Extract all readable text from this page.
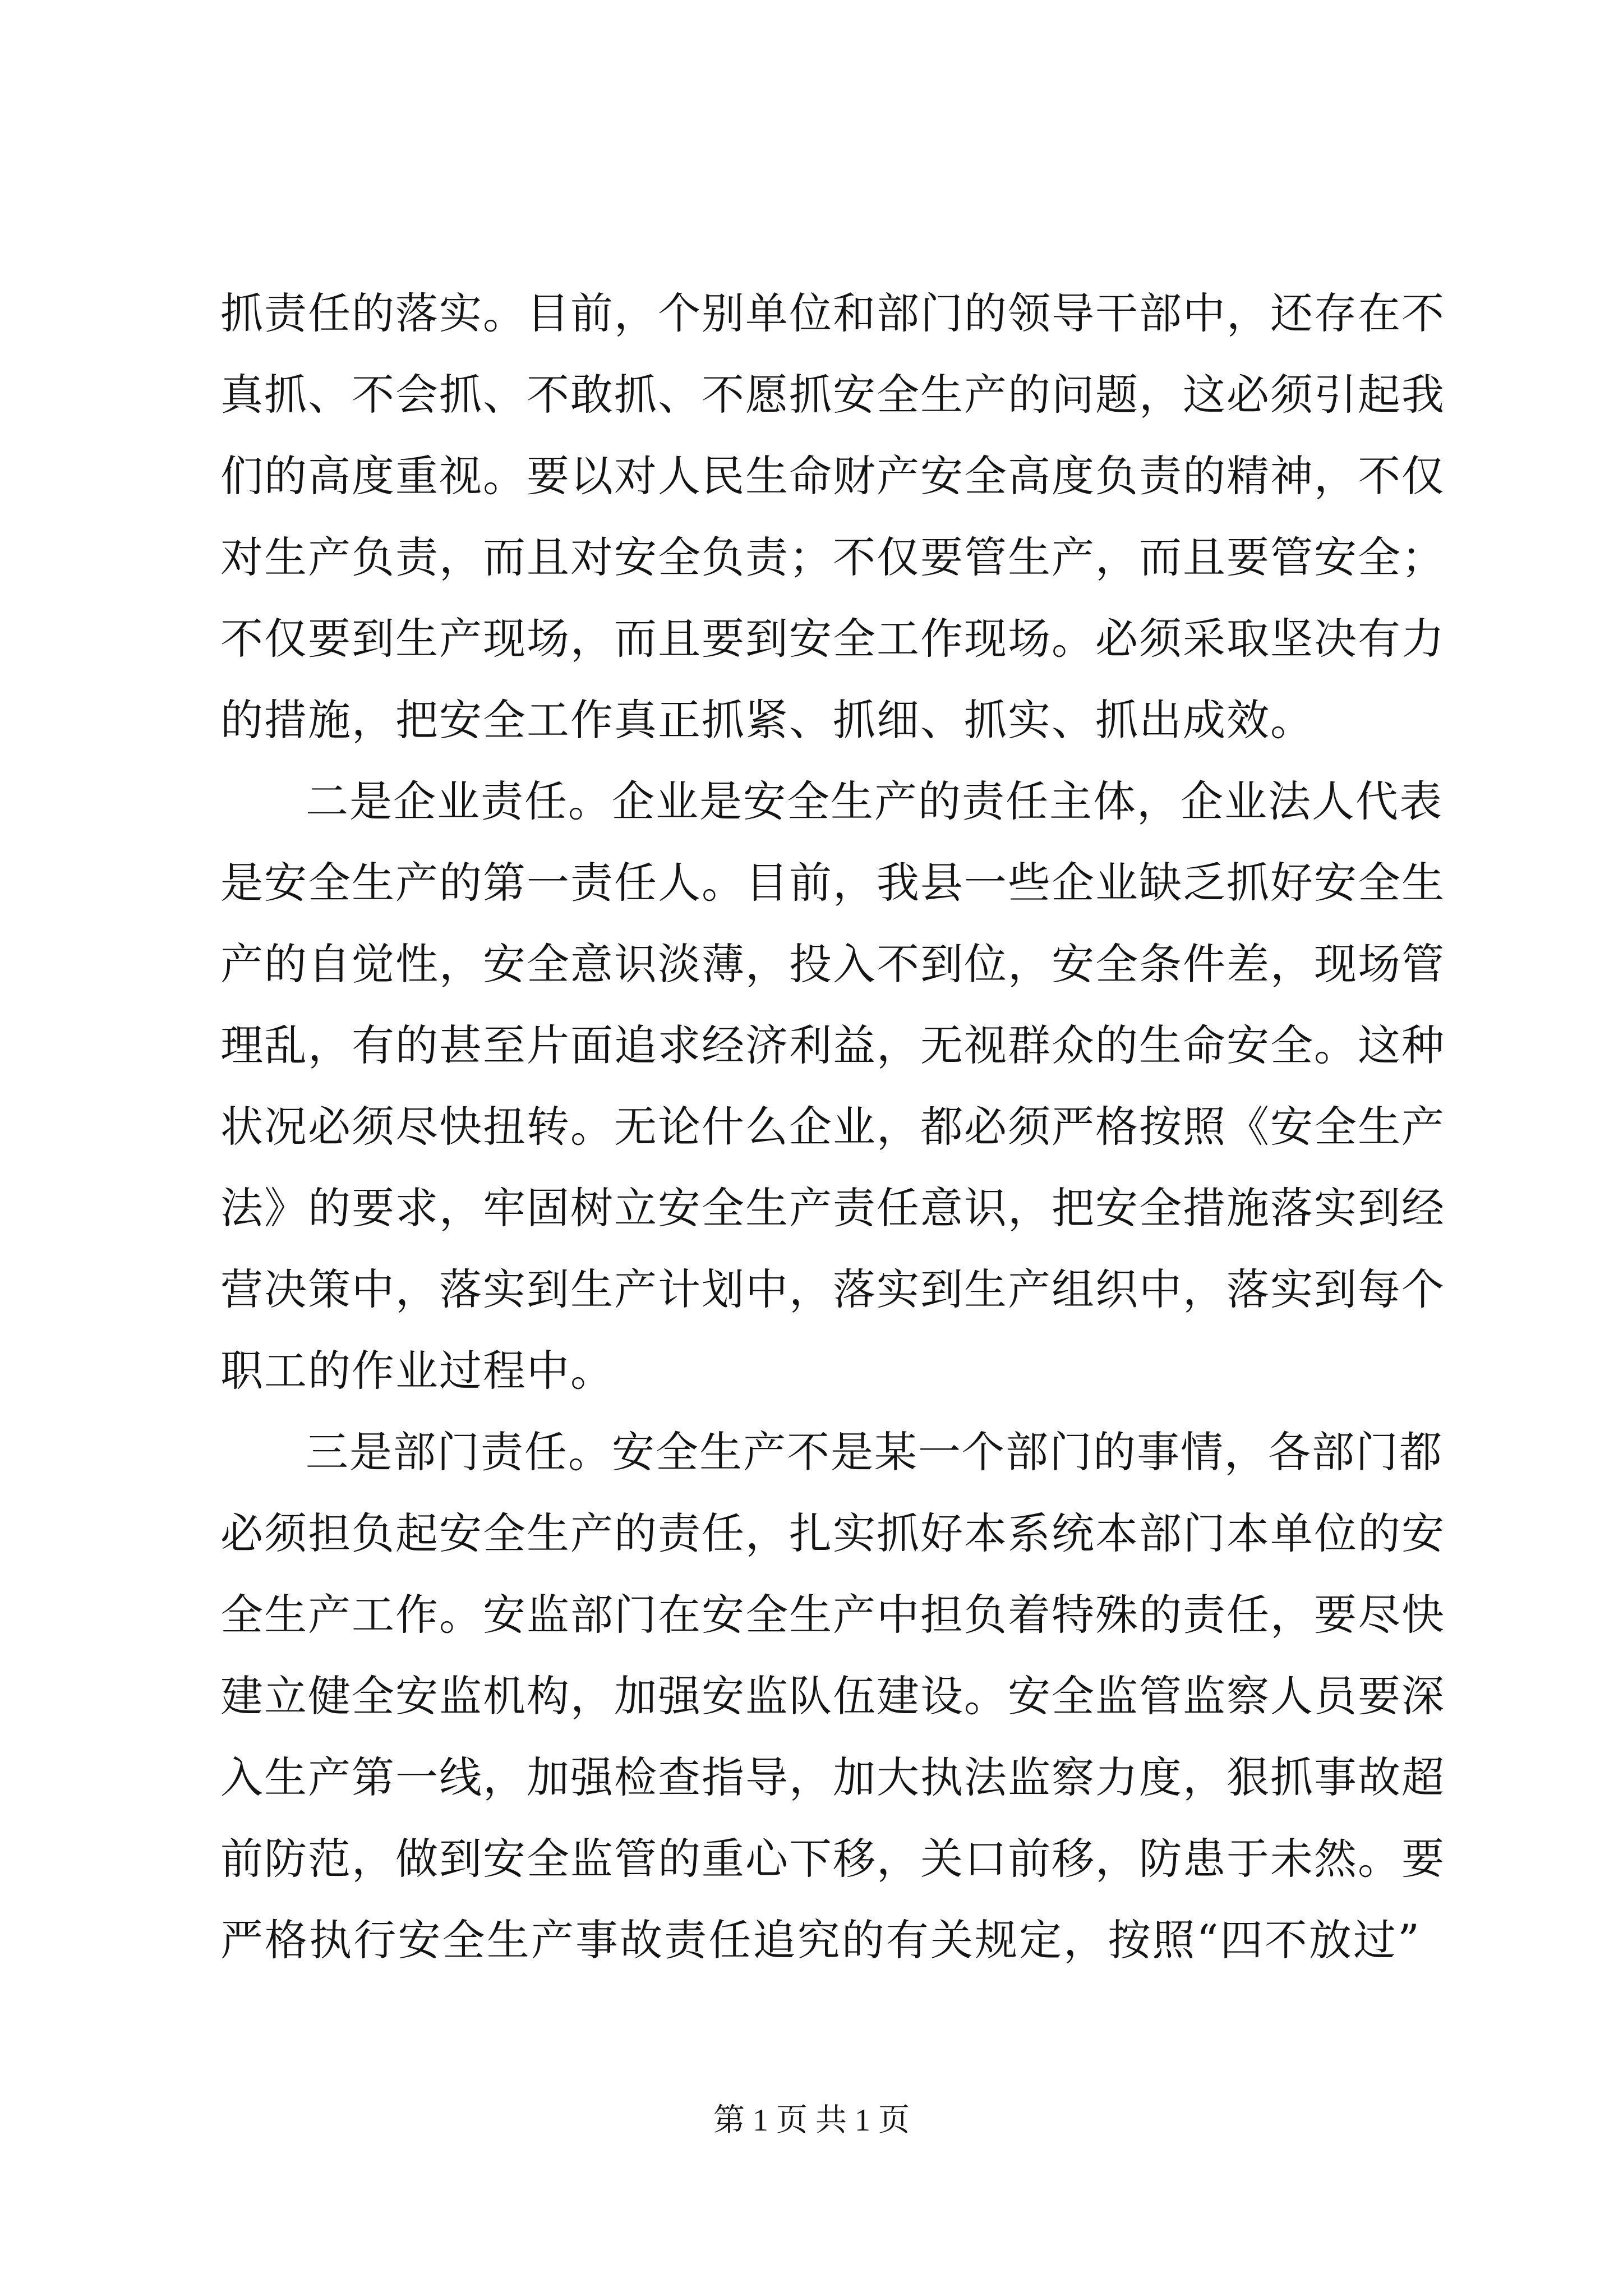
抓责任的落实。目前，个别单位和部门的领导干部中，还存在不
真抓、不会抓、不敢抓、不愿抓安全生产的问题，这必须引起我
们的高度重视。要以对人民生命财产安全高度负责的精神，不仅
对生产负责，而且对安全负责；不仅要管生产，而且要管安全；
不仅要到生产现场，而且要到安全工作现场。必须采取坚决有力
的措施，把安全工作真正抓紧、抓细、抓实、抓出成效。
二是企业责任。企业是安全生产的责任主体，企业法人代表
是安全生产的第一责任人。目前，我县一些企业缺乏抓好安全生
产的自觉性，安全意识淡薄，投入不到位，安全条件差，现场管
理乱，有的甚至片面追求经济利益，无视群众的生命安全。这种
状况必须尽快扭转。无论什么企业，都必须严格按照《安全生产
法》的要求，牢固树立安全生产责任意识，把安全措施落实到经
营决策中，落实到生产计划中，落实到生产组织中，落实到每个
职工的作业过程中。
三是部门责任。安全生产不是某一个部门的事情，各部门都
必须担负起安全生产的责任，扎实抓好本系统本部门本单位的安
全生产工作。安监部门在安全生产中担负着特殊的责任，要尽快
建立健全安监机构，加强安监队伍建设。安全监管监察人员要深
入生产第一线，加强检查指导，加大执法监察力度，狠抓事故超
前防范，做到安全监管的重心下移，关口前移，防患于未然。要
严格执行安全生产事故责任追究的有关规定，按照“四不放过”
第 1 页 共 1 页
